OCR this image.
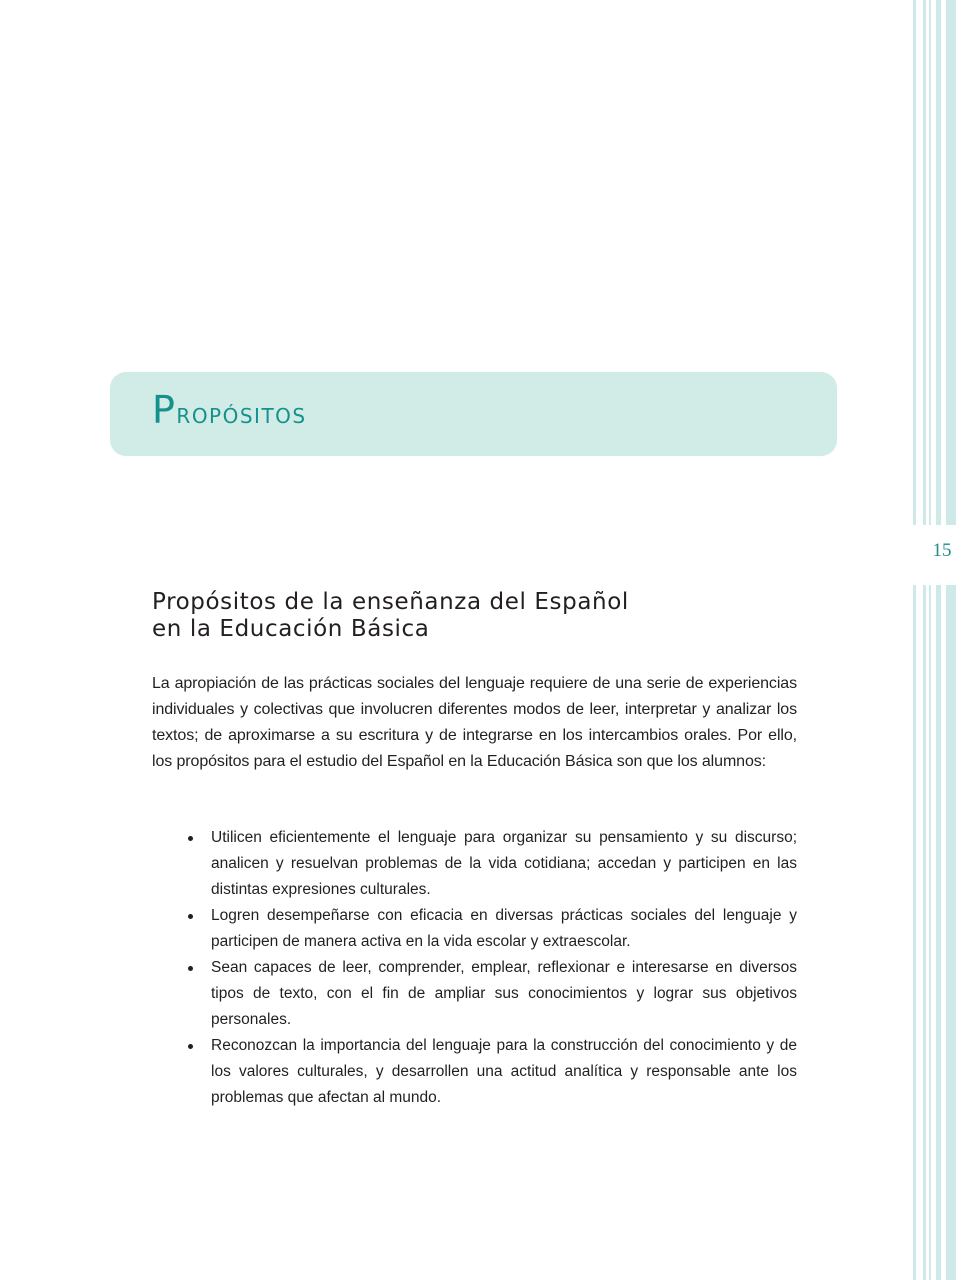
15
Propósitos
Propósitos de la enseñanza del Español
en la Educación Básica

La apropiación de las prácticas sociales del lenguaje requiere de una serie de experiencias individuales y colectivas que involucren diferentes modos de leer, interpretar y analizar los textos; de aproximarse a su escritura y de integrarse en los intercambios orales. Por ello, los propósitos para el estudio del Español en la Educación Básica son que los alumnos:

Utilicen eficientemente el lenguaje para organizar su pensamiento y su discurso; analicen y resuelvan problemas de la vida cotidiana; accedan y participen en las distintas expresiones culturales.
Logren desempeñarse con eficacia en diversas prácticas sociales del lenguaje y participen de manera activa en la vida escolar y extraescolar.
Sean capaces de leer, comprender, emplear, reflexionar e interesarse en diversos tipos de texto, con el fin de ampliar sus conocimientos y lograr sus objetivos personales.
Reconozcan la importancia del lenguaje para la construcción del conocimiento y de los valores culturales, y desarrollen una actitud analítica y responsable ante los problemas que afectan al mundo.
